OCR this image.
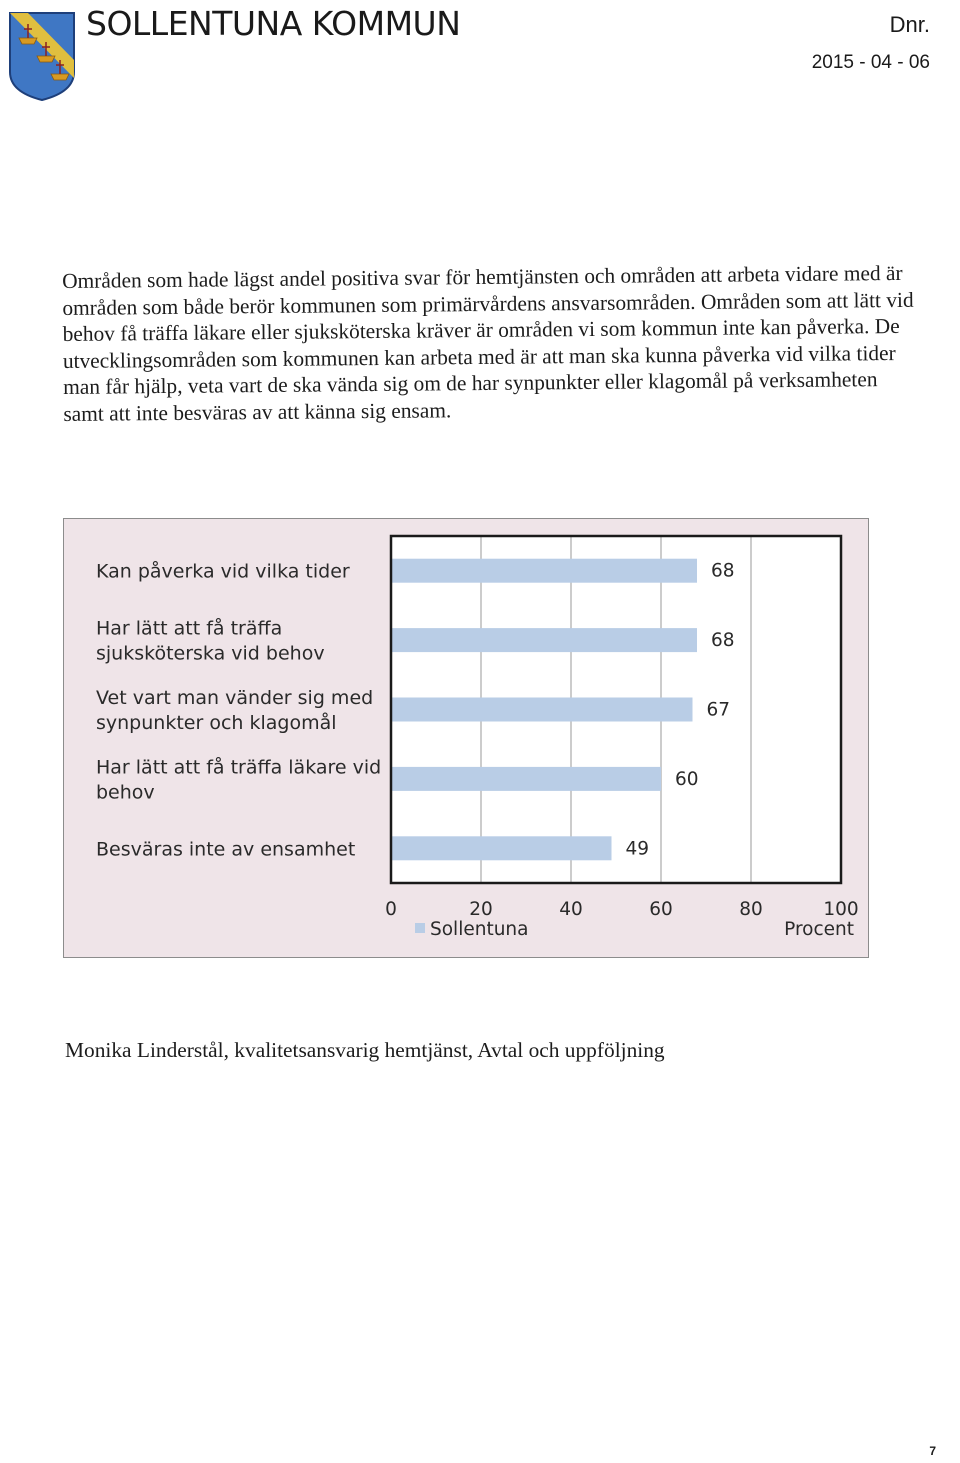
SOLLENTUNA KOMMUN	Dnr.
2015 - 04 - 06
Områden som hade lägst andel positiva svar för hemtjänsten och områden att arbeta vidare med är områden som både berör kommunen som primärvårdens ansvarsområden. Områden som att lätt vid behov få träffa läkare eller sjuksköterska kräver är områden vi som kommun inte kan påverka. De utvecklingsområden som kommunen kan arbeta med är att man ska kunna påverka vid vilka tider man får hjälp, veta vart de ska vända sig om de har synpunkter eller klagomål på verksamheten samt att inte besväras av att känna sig ensam.
68
Kan påverka vid vilka tider
68
Har lätt att få träffa
sjuksköterska vid behov
67
Vet vart man vänder sig med
synpunkter och klagomål
60
Har lätt att få träffa läkare vid
behov
49
Besväras inte av ensamhet
0	20	40	60	80	100
Sollentuna	Procent
Monika Linderstål, kvalitetsansvarig hemtjänst, Avtal och uppföljning
7
